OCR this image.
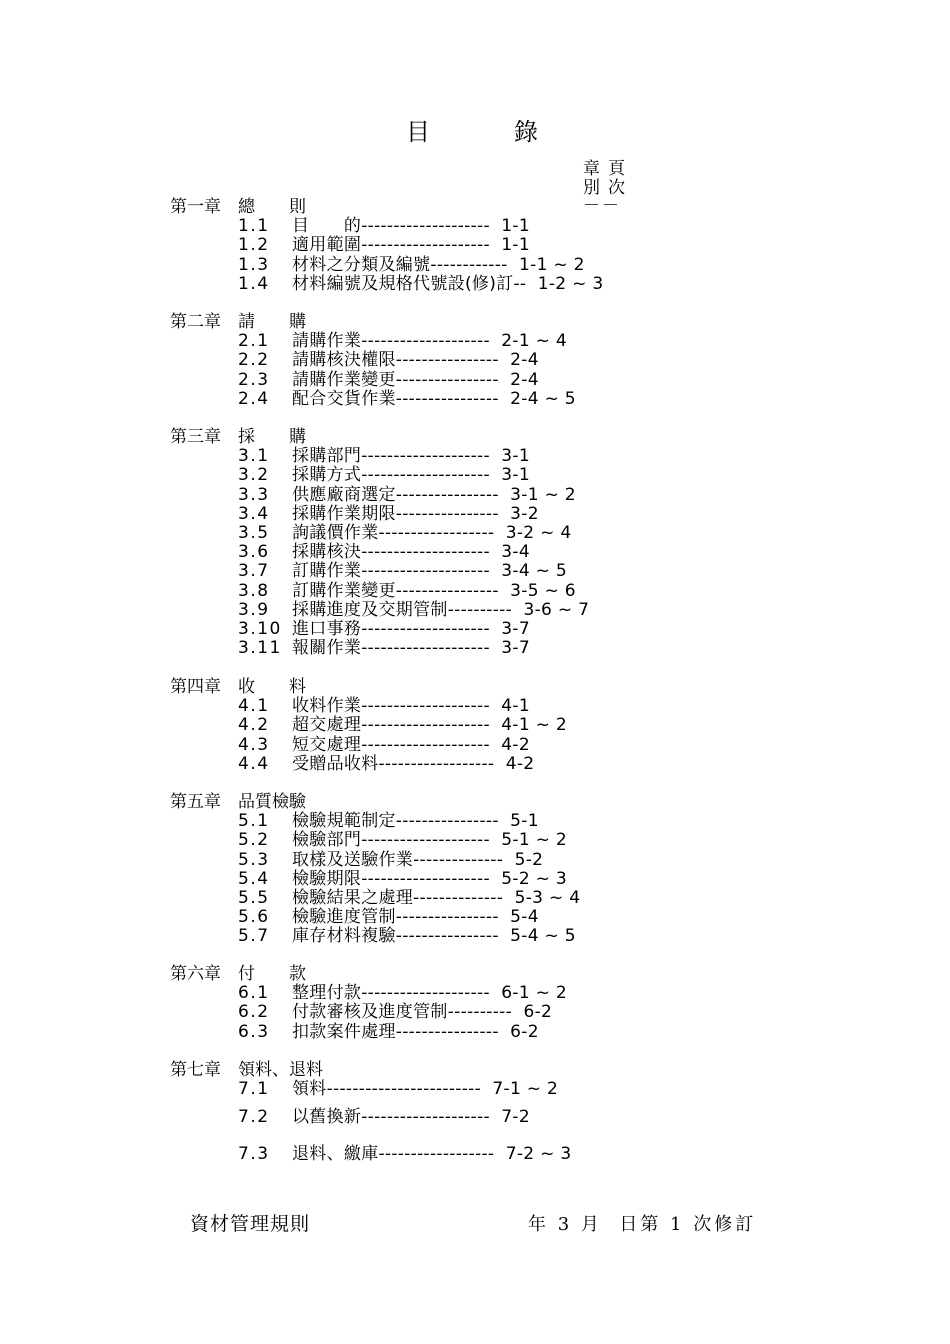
目　錄
章
別
頁
次
－－
第一章　總　　則
1.1 目　　的--------------------  1-1
1.2 適用範圍--------------------  1-1
1.3 材料之分類及編號------------  1-1 ~ 2
1.4 材料編號及規格代號設(修)訂--  1-2 ~ 3
第二章　請　　購
2.1 請購作業--------------------  2-1 ~ 4
2.2 請購核決權限----------------  2-4
2.3 請購作業變更----------------  2-4
2.4 配合交貨作業----------------  2-4 ~ 5
第三章　採　　購
3.1 採購部門--------------------  3-1
3.2 採購方式--------------------  3-1
3.3 供應廠商選定----------------  3-1 ~ 2
3.4 採購作業期限----------------  3-2
3.5 詢議價作業------------------  3-2 ~ 4
3.6 採購核決--------------------  3-4
3.7 訂購作業--------------------  3-4 ~ 5
3.8 訂購作業變更----------------  3-5 ~ 6
3.9 採購進度及交期管制----------  3-6 ~ 7
3.10 進口事務--------------------  3-7
3.11 報關作業--------------------  3-7
第四章　收　　料
4.1 收料作業--------------------  4-1
4.2 超交處理--------------------  4-1 ~ 2
4.3 短交處理--------------------  4-2
4.4 受贈品收料------------------  4-2
第五章　品質檢驗
5.1 檢驗規範制定----------------  5-1
5.2 檢驗部門--------------------  5-1 ~ 2
5.3 取樣及送驗作業--------------  5-2
5.4 檢驗期限--------------------  5-2 ~ 3
5.5 檢驗結果之處理--------------  5-3 ~ 4
5.6 檢驗進度管制----------------  5-4
5.7 庫存材料複驗----------------  5-4 ~ 5
第六章　付　　款
6.1 整理付款--------------------  6-1 ~ 2
6.2 付款審核及進度管制----------  6-2
6.3 扣款案件處理----------------  6-2
第七章　領料、退料
7.1 領料------------------------  7-1 ~ 2
7.2 以舊換新--------------------  7-2
7.3 退料、繳庫------------------  7-2 ~ 3
資材管理規則	年 3 月  日第 1 次修訂
